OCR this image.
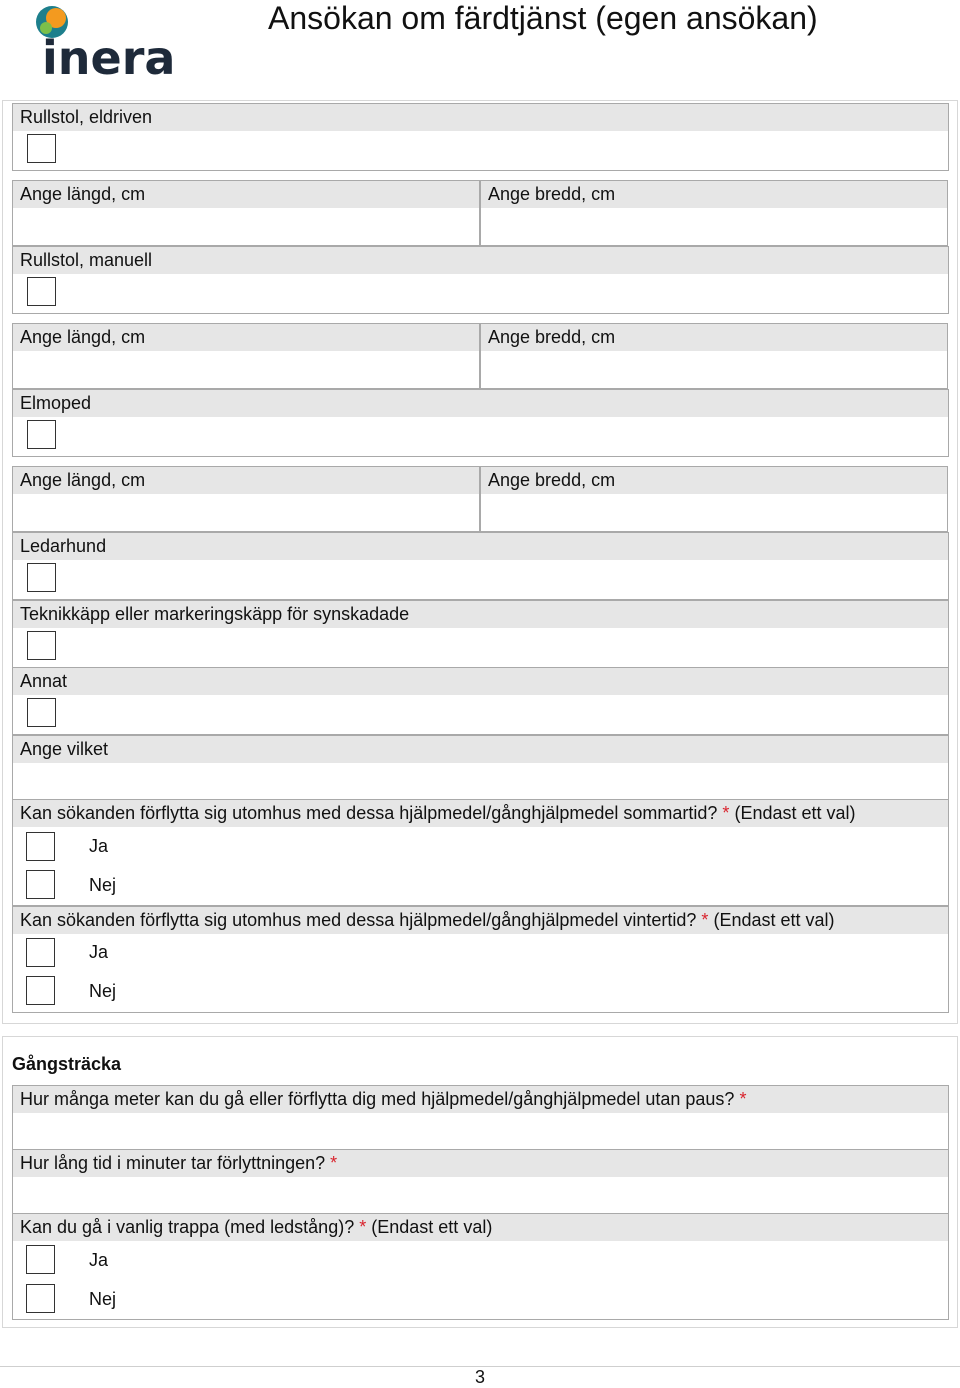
inera
Ansökan om färdtjänst (egen ansökan)
Rullstol, eldriven
Ange längd, cm	Ange bredd, cm
Rullstol, manuell
Ange längd, cm	Ange bredd, cm
Elmoped
Ange längd, cm	Ange bredd, cm
Ledarhund
Teknikkäpp eller markeringskäpp för synskadade
Annat
Ange vilket
Kan sökanden förflytta sig utomhus med dessa hjälpmedel/gånghjälpmedel sommartid? * (Endast ett val)
Ja
Nej
Kan sökanden förflytta sig utomhus med dessa hjälpmedel/gånghjälpmedel vintertid? * (Endast ett val)
Ja
Nej
Gångsträcka
Hur många meter kan du gå eller förflytta dig med hjälpmedel/gånghjälpmedel utan paus? *
Hur lång tid i minuter tar förlyttningen? *
Kan du gå i vanlig trappa (med ledstång)? * (Endast ett val)
Ja
Nej
3
